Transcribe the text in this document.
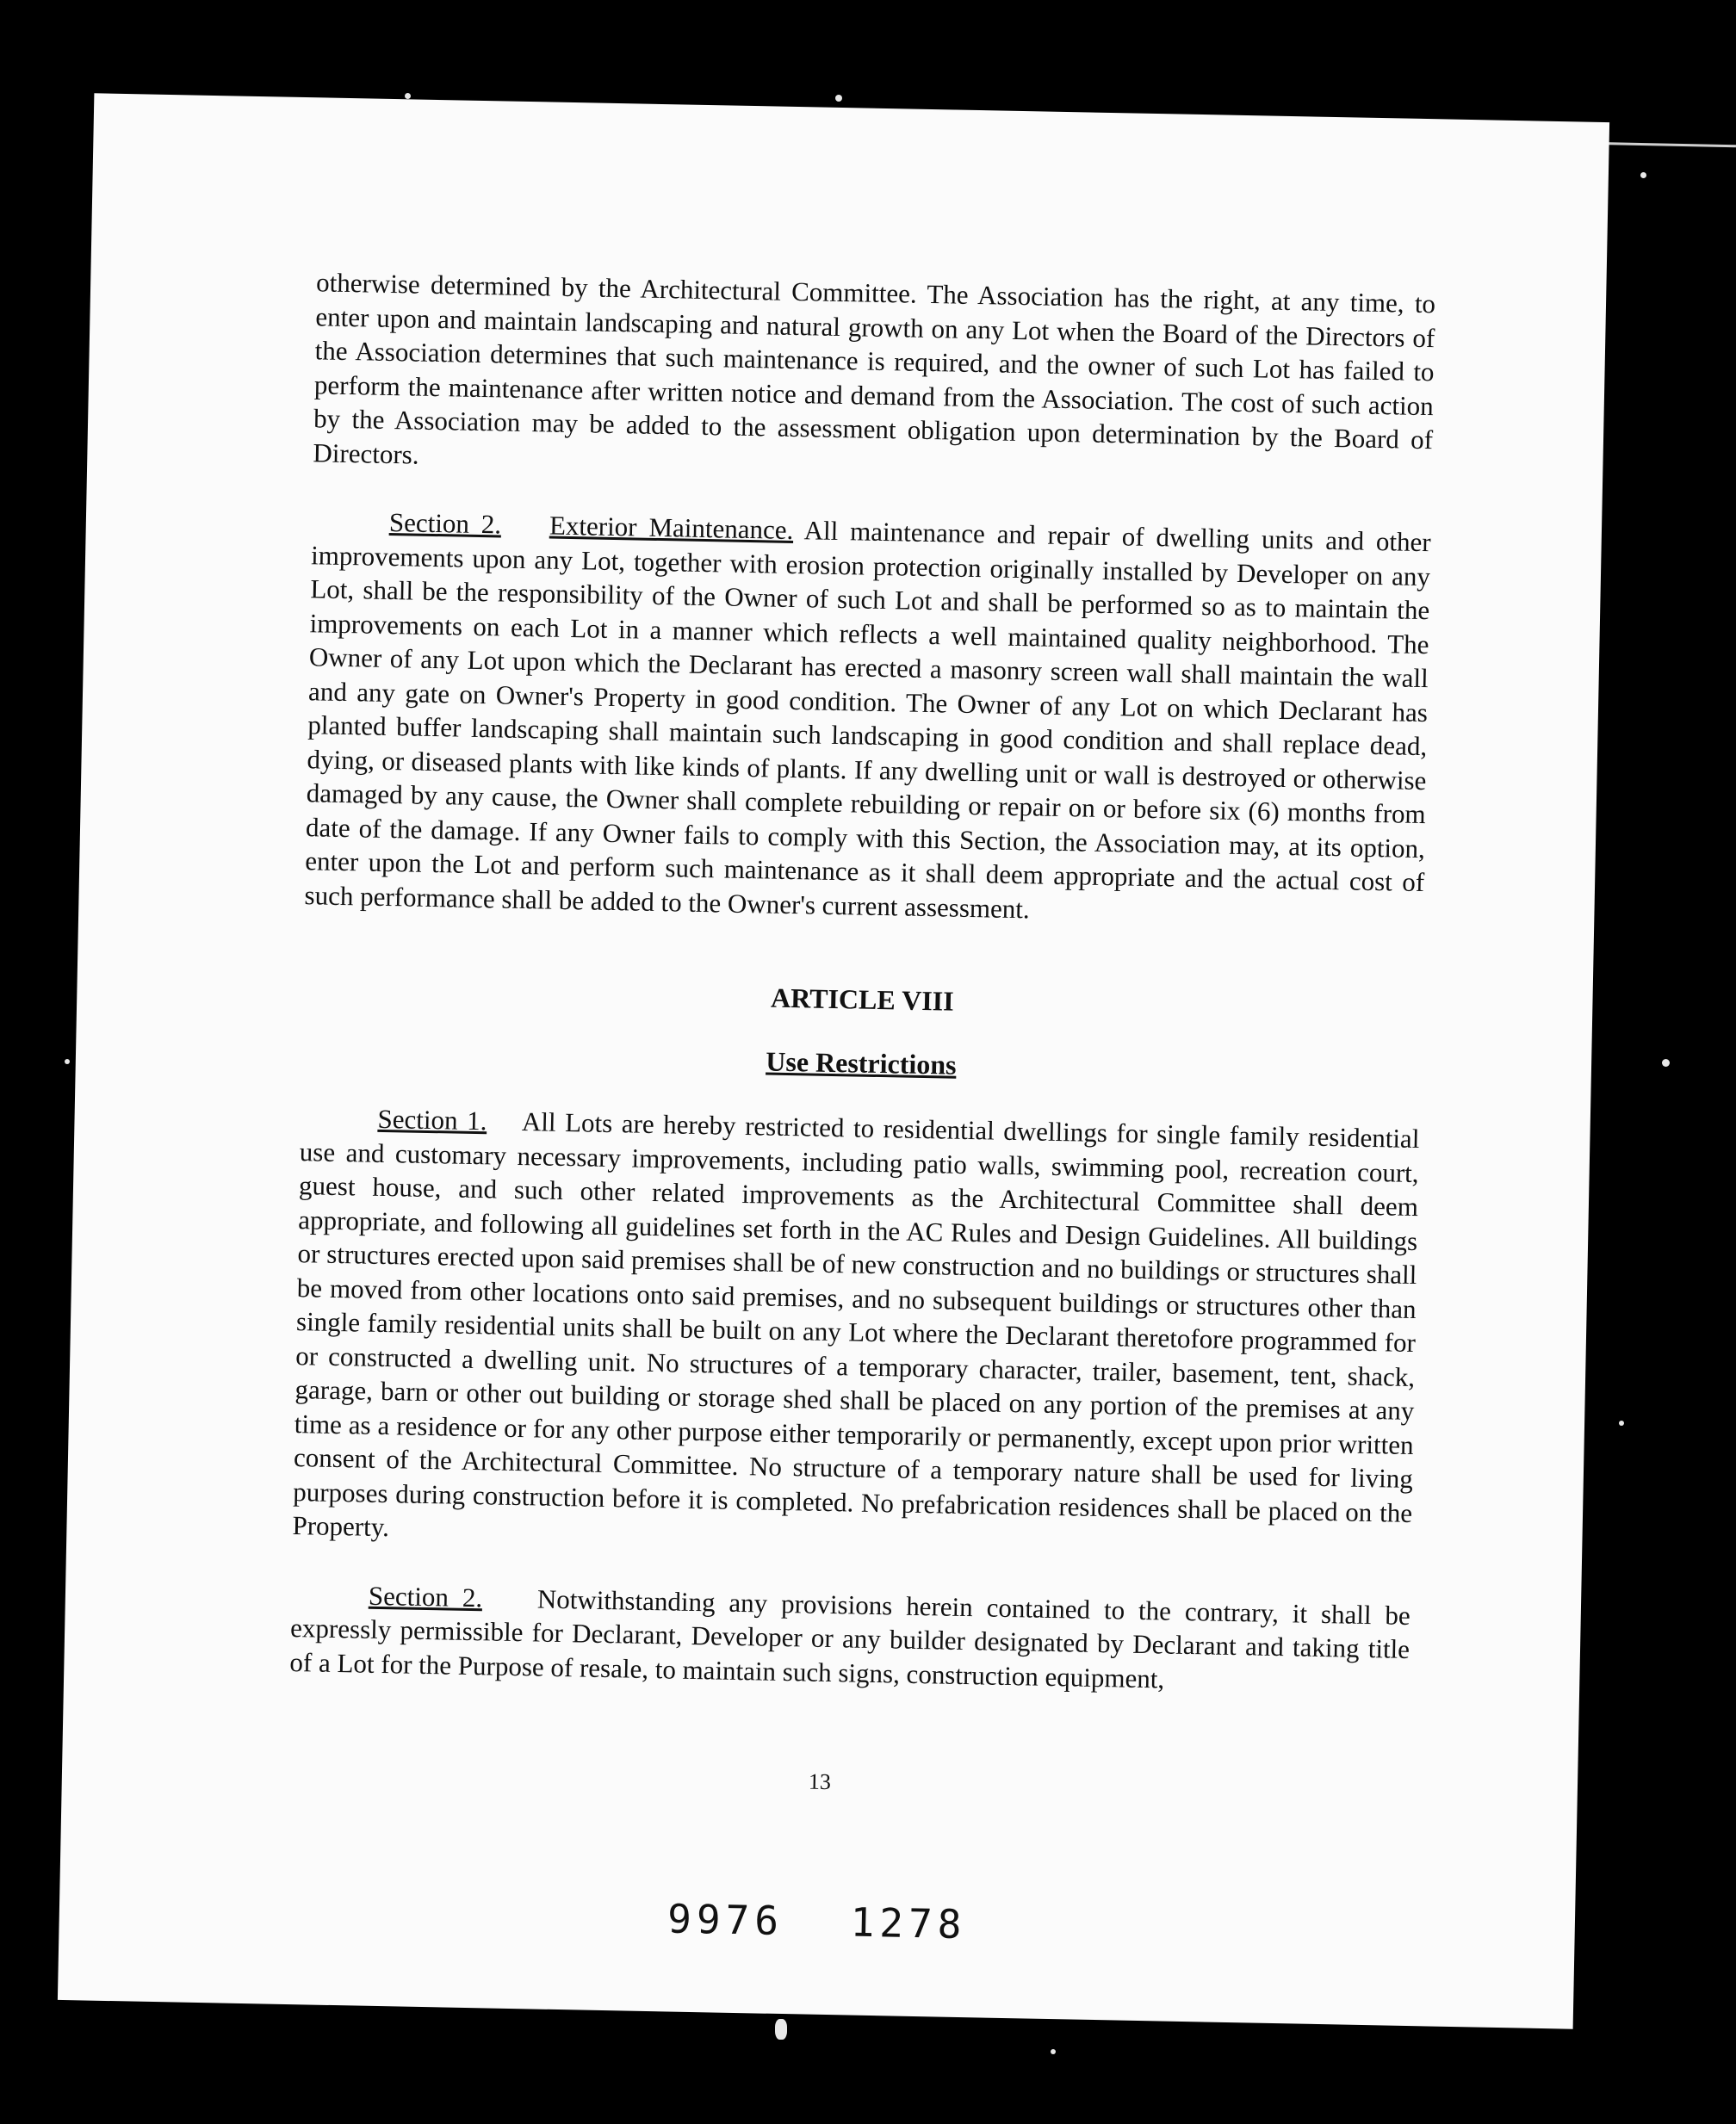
otherwise determined by the Architectural Committee. The Association has the right, at any time, to enter upon and maintain landscaping and natural growth on any Lot when the Board of the Directors of the Association determines that such maintenance is required, and the owner of such Lot has failed to perform the maintenance after written notice and demand from the Association. The cost of such action by the Association may be added to the assessment obligation upon determination by the Board of Directors.

Section 2. Exterior Maintenance. All maintenance and repair of dwelling units and other improvements upon any Lot, together with erosion protection originally installed by Developer on any Lot, shall be the responsibility of the Owner of such Lot and shall be performed so as to maintain the improvements on each Lot in a manner which reflects a well maintained quality neighborhood. The Owner of any Lot upon which the Declarant has erected a masonry screen wall shall maintain the wall and any gate on Owner's Property in good condition. The Owner of any Lot on which Declarant has planted buffer landscaping shall maintain such landscaping in good condition and shall replace dead, dying, or diseased plants with like kinds of plants. If any dwelling unit or wall is destroyed or otherwise damaged by any cause, the Owner shall complete rebuilding or repair on or before six (6) months from date of the damage. If any Owner fails to comply with this Section, the Association may, at its option, enter upon the Lot and perform such maintenance as it shall deem appropriate and the actual cost of such performance shall be added to the Owner's current assessment.

ARTICLE VIII
Use Restrictions

Section 1. All Lots are hereby restricted to residential dwellings for single family residential use and customary necessary improvements, including patio walls, swimming pool, recreation court, guest house, and such other related improvements as the Architectural Committee shall deem appropriate, and following all guidelines set forth in the AC Rules and Design Guidelines. All buildings or structures erected upon said premises shall be of new construction and no buildings or structures shall be moved from other locations onto said premises, and no subsequent buildings or structures other than single family residential units shall be built on any Lot where the Declarant theretofore programmed for or constructed a dwelling unit. No structures of a temporary character, trailer, basement, tent, shack, garage, barn or other out building or storage shed shall be placed on any portion of the premises at any time as a residence or for any other purpose either temporarily or permanently, except upon prior written consent of the Architectural Committee. No structure of a temporary nature shall be used for living purposes during construction before it is completed. No prefabrication residences shall be placed on the Property.

Section 2. Notwithstanding any provisions herein contained to the contrary, it shall be expressly permissible for Declarant, Developer or any builder designated by Declarant and taking title of a Lot for the Purpose of resale, to maintain such signs, construction equipment,

13
9976 1278
